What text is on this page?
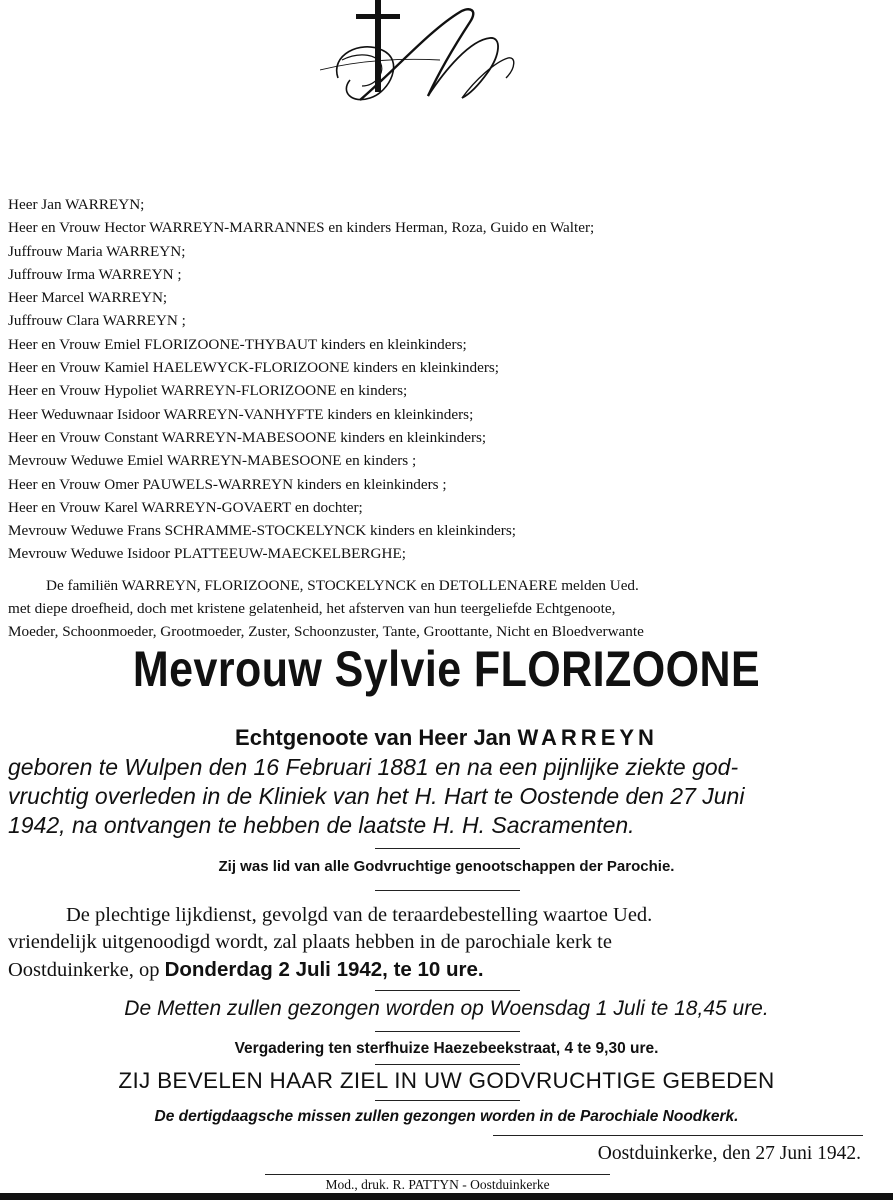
Heer Jan WARREYN;
Heer en Vrouw Hector WARREYN-MARRANNES en kinders Herman, Roza, Guido en Walter;
Juffrouw Maria WARREYN;
Juffrouw Irma WARREYN ;
Heer Marcel WARREYN;
Juffrouw Clara WARREYN ;
Heer en Vrouw Emiel FLORIZOONE-THYBAUT kinders en kleinkinders;
Heer en Vrouw Kamiel HAELEWYCK-FLORIZOONE kinders en kleinkinders;
Heer en Vrouw Hypoliet WARREYN-FLORIZOONE en kinders;
Heer Weduwnaar Isidoor WARREYN-VANHYFTE kinders en kleinkinders;
Heer en Vrouw Constant WARREYN-MABESOONE kinders en kleinkinders;
Mevrouw Weduwe Emiel WARREYN-MABESOONE en kinders ;
Heer en Vrouw Omer PAUWELS-WARREYN kinders en kleinkinders ;
Heer en Vrouw Karel WARREYN-GOVAERT en dochter;
Mevrouw Weduwe Frans SCHRAMME-STOCKELYNCK kinders en kleinkinders;
Mevrouw Weduwe Isidoor PLATTEEUW-MAECKELBERGHE;
De familiën WARREYN, FLORIZOONE, STOCKELYNCK en DETOLLENAERE melden Ued.
met diepe droefheid, doch met kristene gelatenheid, het afsterven van hun teergeliefde Echtgenoote,
Moeder, Schoonmoeder, Grootmoeder, Zuster, Schoonzuster, Tante, Groottante, Nicht en Bloedverwante
Mevrouw Sylvie FLORIZOONE
Echtgenoote van Heer Jan WARREYN
geboren te Wulpen den 16 Februari 1881 en na een pijnlijke ziekte god-
vruchtig overleden in de Kliniek van het H. Hart te Oostende den 27 Juni
1942, na ontvangen te hebben de laatste H. H. Sacramenten.
Zij was lid van alle Godvruchtige genootschappen der Parochie.
De plechtige lijkdienst, gevolgd van de teraardebestelling waartoe Ued.
vriendelijk uitgenoodigd wordt, zal plaats hebben in de parochiale kerk te
Oostduinkerke, op Donderdag 2 Juli 1942, te 10 ure.
De Metten zullen gezongen worden op Woensdag 1 Juli te 18,45 ure.
Vergadering ten sterfhuize Haezebeekstraat, 4 te 9,30 ure.
ZIJ BEVELEN HAAR ZIEL IN UW GODVRUCHTIGE GEBEDEN
De dertigdaagsche missen zullen gezongen worden in de Parochiale Noodkerk.
Oostduinkerke, den 27 Juni 1942.
Mod., druk. R. PATTYN - Oostduinkerke
